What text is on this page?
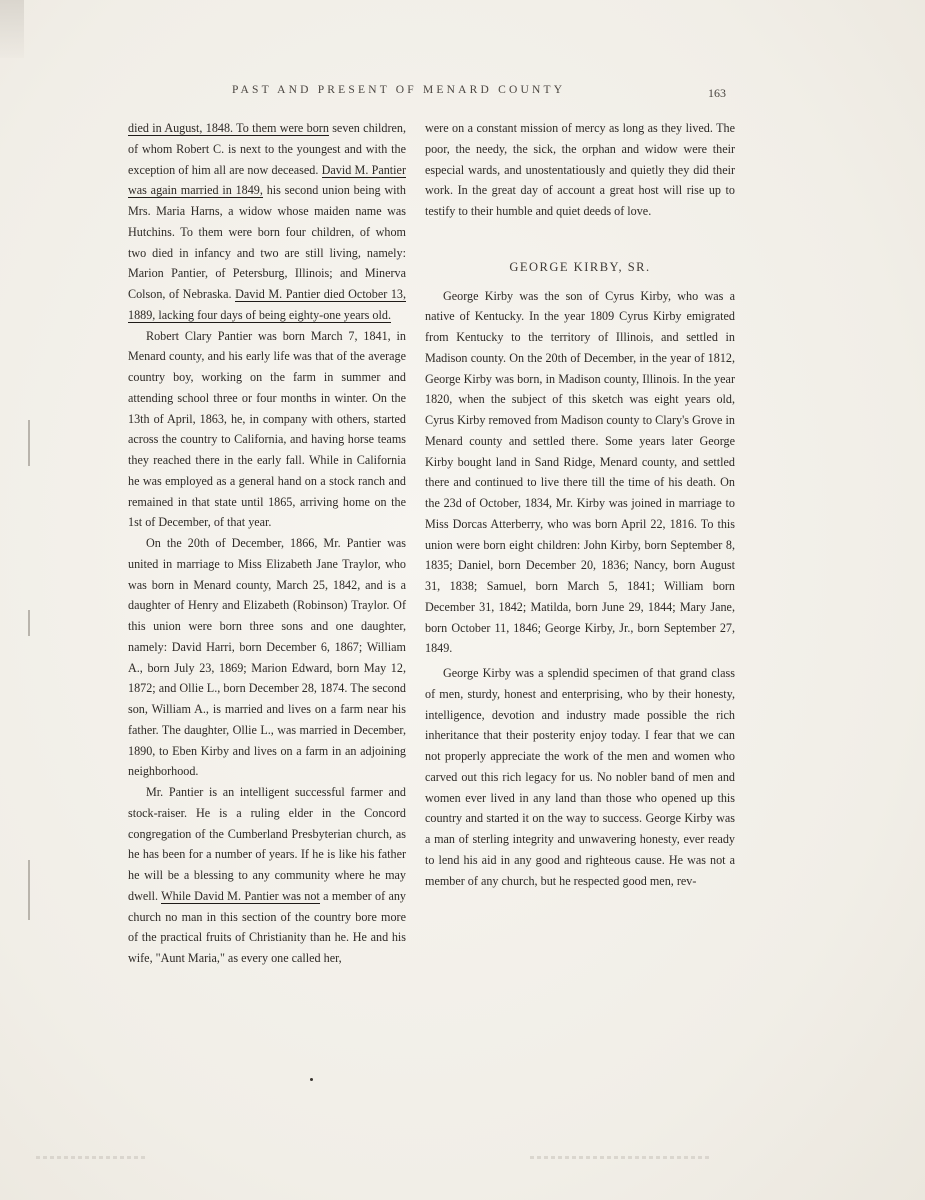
PAST AND PRESENT OF MENARD COUNTY	163

died in August, 1848. To them were born seven children, of whom Robert C. is next to the youngest and with the exception of him all are now deceased. David M. Pantier was again married in 1849, his second union being with Mrs. Maria Harns, a widow whose maiden name was Hutchins. To them were born four children, of whom two died in infancy and two are still living, namely: Marion Pantier, of Petersburg, Illinois; and Minerva Colson, of Nebraska. David M. Pantier died October 13, 1889, lacking four days of being eighty-one years old.

Robert Clary Pantier was born March 7, 1841, in Menard county, and his early life was that of the average country boy, working on the farm in summer and attending school three or four months in winter. On the 13th of April, 1863, he, in company with others, started across the country to California, and having horse teams they reached there in the early fall. While in California he was employed as a general hand on a stock ranch and remained in that state until 1865, arriving home on the 1st of December, of that year.

On the 20th of December, 1866, Mr. Pantier was united in marriage to Miss Elizabeth Jane Traylor, who was born in Menard county, March 25, 1842, and is a daughter of Henry and Elizabeth (Robinson) Traylor. Of this union were born three sons and one daughter, namely: David Harri, born December 6, 1867; William A., born July 23, 1869; Marion Edward, born May 12, 1872; and Ollie L., born December 28, 1874. The second son, William A., is married and lives on a farm near his father. The daughter, Ollie L., was married in December, 1890, to Eben Kirby and lives on a farm in an adjoining neighborhood.

Mr. Pantier is an intelligent successful farmer and stock-raiser. He is a ruling elder in the Concord congregation of the Cumberland Presbyterian church, as he has been for a number of years. If he is like his father he will be a blessing to any community where he may dwell. While David M. Pantier was not a member of any church no man in this section of the country bore more of the practical fruits of Christianity than he. He and his wife, "Aunt Maria," as every one called her,

were on a constant mission of mercy as long as they lived. The poor, the needy, the sick, the orphan and widow were their especial wards, and unostentatiously and quietly they did their work. In the great day of account a great host will rise up to testify to their humble and quiet deeds of love.

GEORGE KIRBY, SR.

George Kirby was the son of Cyrus Kirby, who was a native of Kentucky. In the year 1809 Cyrus Kirby emigrated from Kentucky to the territory of Illinois, and settled in Madison county. On the 20th of December, in the year of 1812, George Kirby was born, in Madison county, Illinois. In the year 1820, when the subject of this sketch was eight years old, Cyrus Kirby removed from Madison county to Clary's Grove in Menard county and settled there. Some years later George Kirby bought land in Sand Ridge, Menard county, and settled there and continued to live there till the time of his death. On the 23d of October, 1834, Mr. Kirby was joined in marriage to Miss Dorcas Atterberry, who was born April 22, 1816. To this union were born eight children: John Kirby, born September 8, 1835; Daniel, born December 20, 1836; Nancy, born August 31, 1838; Samuel, born March 5, 1841; William born December 31, 1842; Matilda, born June 29, 1844; Mary Jane, born October 11, 1846; George Kirby, Jr., born September 27, 1849.

George Kirby was a splendid specimen of that grand class of men, sturdy, honest and enterprising, who by their honesty, intelligence, devotion and industry made possible the rich inheritance that their posterity enjoy today. I fear that we can not properly appreciate the work of the men and women who carved out this rich legacy for us. No nobler band of men and women ever lived in any land than those who opened up this country and started it on the way to success. George Kirby was a man of sterling integrity and unwavering honesty, ever ready to lend his aid in any good and righteous cause. He was not a member of any church, but he respected good men, rev-
